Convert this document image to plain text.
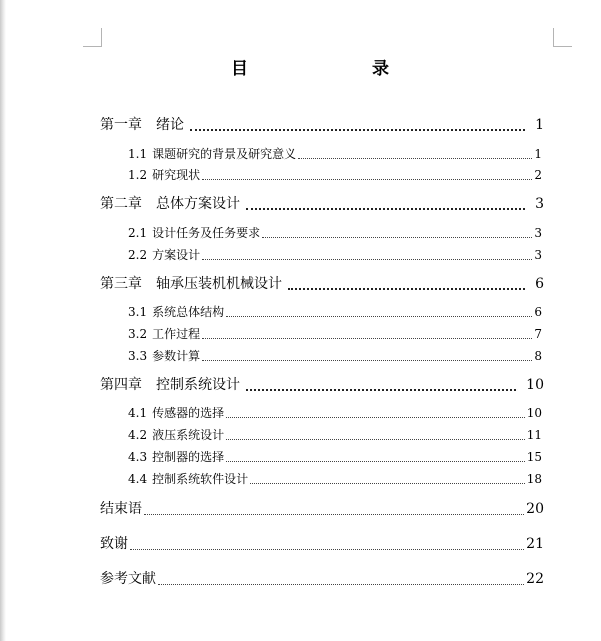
目　　录
第一章 绪论	1
1.1 课题研究的背景及研究意义	1
1.2 研究现状	2
第二章 总体方案设计	3
2.1 设计任务及任务要求	3
2.2 方案设计	3
第三章 轴承压装机机械设计	6
3.1 系统总体结构	6
3.2 工作过程	7
3.3 参数计算	8
第四章 控制系统设计	10
4.1 传感器的选择	10
4.2 液压系统设计	11
4.3 控制器的选择	15
4.4 控制系统软件设计	18
结束语	20
致谢	21
参考文献	22
